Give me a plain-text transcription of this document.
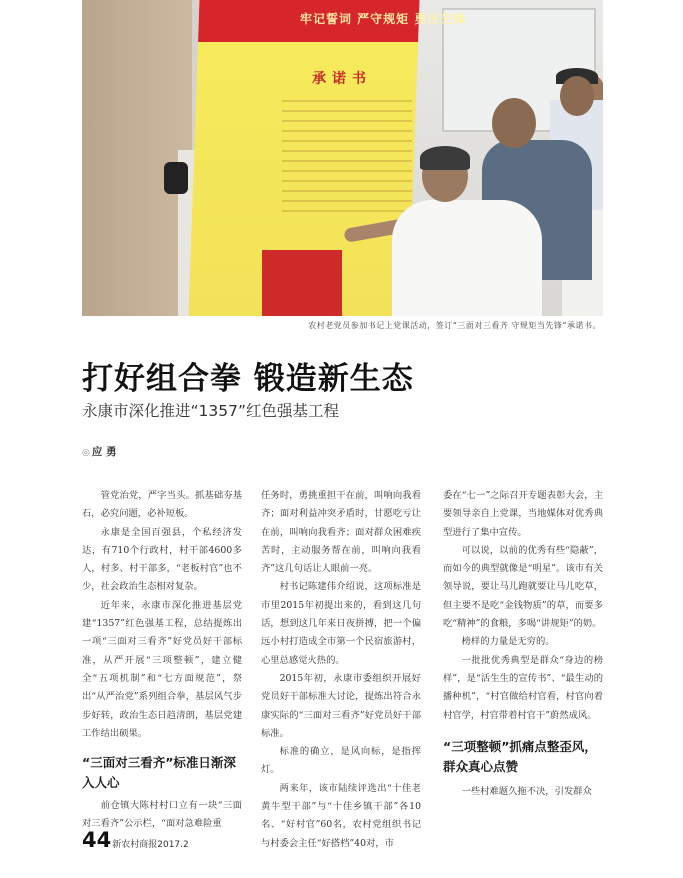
牢记誓词 严守规矩 勇当先锋
承诺书
农村老党员参加书记上党课活动，签订“三面对三看齐 守规矩当先锋”承诺书。
打好组合拳 锻造新生态
永康市深化推进“1357”红色强基工程
◎ 应 勇

管党治党，严字当头。抓基础夯基石，必究问题，必补短板。

永康是全国百强县，个私经济发达，有710个行政村，村干部4600多人，村多、村干部多，“老板村官”也不少，社会政治生态相对复杂。

近年来，永康市深化推进基层党建“1357”红色强基工程，总结提炼出一项“三面对三看齐”好党员好干部标准，从严开展“三项整顿”，建立健全“五项机制”和“七方面规范”，祭出“从严治党”系列组合拳，基层风气步步好转，政治生态日趋清朗，基层党建工作结出硕果。

“三面对三看齐”标准日渐深入人心

前仓镇大陈村村口立有一块“三面对三看齐”公示栏，“面对急难险重

任务时，勇挑重担干在前，叫响向我看齐；面对利益冲突矛盾时，甘愿吃亏让在前，叫响向我看齐；面对群众困难疾苦时，主动服务帮在前，叫响向我看齐”这几句话让人眼前一亮。

村书记陈建伟介绍说，这项标准是市里2015年初提出来的，看到这几句话，想到这几年来日夜拼搏，把一个偏远小村打造成全市第一个民宿旅游村，心里总感觉火热的。

2015年初，永康市委组织开展好党员好干部标准大讨论，提炼出符合永康实际的“三面对三看齐”好党员好干部标准。

标准的确立，是风向标，是指挥灯。

两来年，该市陆续评选出“十佳老黄牛型干部”与“十佳乡镇干部”各10名、“好村官”60名，农村党组织书记与村委会主任“好搭档”40对，市

委在“七一”之际召开专题表彰大会，主要领导亲自上党课，当地媒体对优秀典型进行了集中宣传。

可以说，以前的优秀有些“隐蔽”，而如今的典型就像是“明星”。该市有关领导说，要让马儿跑就要让马儿吃草，但主要不是吃“金钱物质”的草，而要多吃“精神”的食粮，多喝“讲规矩”的奶。

榜样的力量是无穷的。

一批批优秀典型是群众“身边的榜样”，是“活生生的宣传书”、“最生动的播种机”，“村官做给村官看，村官向着村官学，村官带着村官干”蔚然成风。

“三项整顿”抓痛点整歪风，群众真心点赞

一些村难题久拖不决，引发群众

44新农村商报2017.2
